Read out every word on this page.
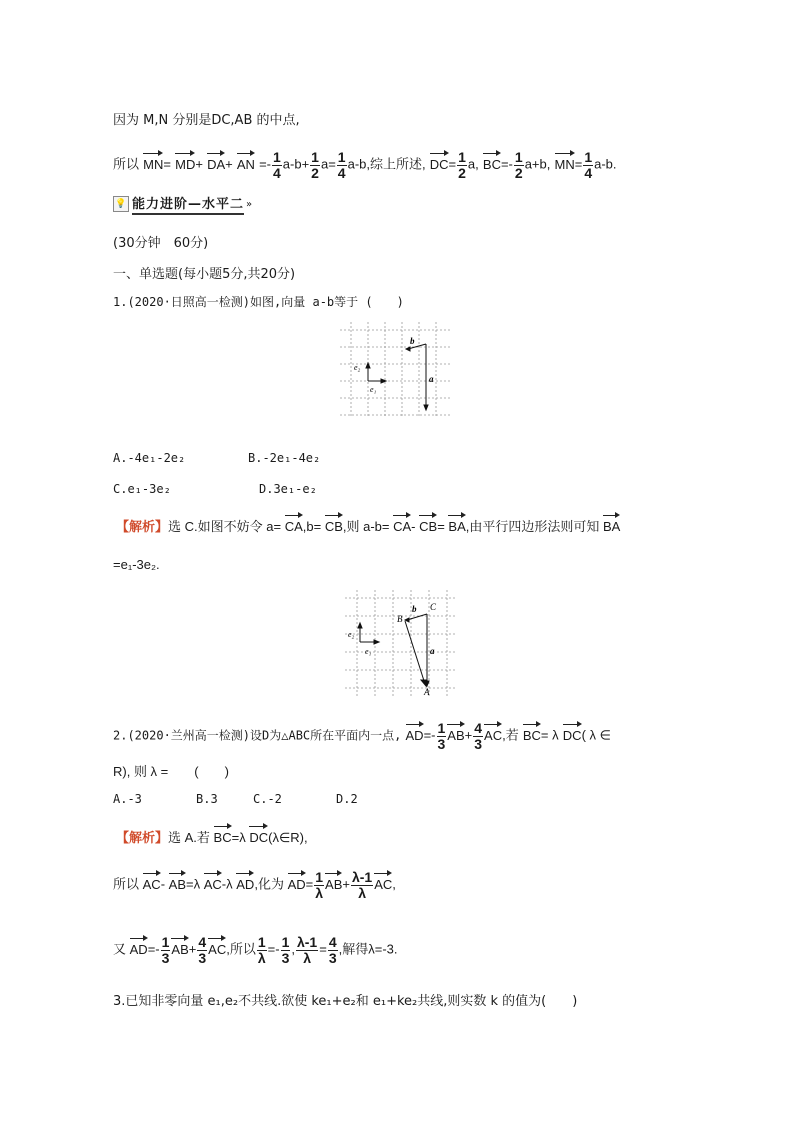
因为 M,N 分别是DC,AB 的中点,
所以 MN= MD+ DA+ AN =- $\frac{1}{4} a-b+ \frac{1}{2} a= \frac{1}{4} a-b$,综上所述, $DC= \frac{1}{2} a$, $BC=- \frac{1}{2} a+b$, $MN= \frac{1}{4} a-b$.
💡 能力进阶—水平二 »
(30分钟　60分)
一、单选题(每小题5分,共20分)
1.(2020·日照高一检测)如图,向量 a-b等于 (　　)
e₂
e₁
b
a
A.-4e₁-2e₂	B.-2e₁-4e₂
C.e₁-3e₂	D.3e₁-e₂
【解析】选 C.如图不妨令 a= CA,b= CB,则 a-b= CA- CB= BA,由平行四边形法则可知 BA
=e₁-3e₂.
C
b
B
e₂
e₁	a
A
2.(2020·兰州高一检测)设D为△ABC所在平面内一点, $AD=- \frac{1}{3} AB+ \frac{4}{3}$ AC,若 BC= λ DC( λ ∈
R), 则 λ =　　(　　)
A.-3	B.3	C.-2	D.2
【解析】选 A.若 BC=λ DC(λ∈R),
所以 AC- AB=λ AC-λ AD,化为 $AD= \frac{1}{\lambda} AB+ \frac{\lambda-1}{\lambda}$ AC,
又 $AD=- \frac{1}{3} AB+ \frac{4}{3}$ AC,所以 $\frac{1}{\lambda} =- \frac{1}{3}$ , $\frac{\lambda-1}{\lambda} = \frac{4}{3}$ ,解得λ=-3.
3.已知非零向量 e₁,e₂不共线.欲使 ke₁+e₂和 e₁+ke₂共线,则实数 k 的值为(　　)
